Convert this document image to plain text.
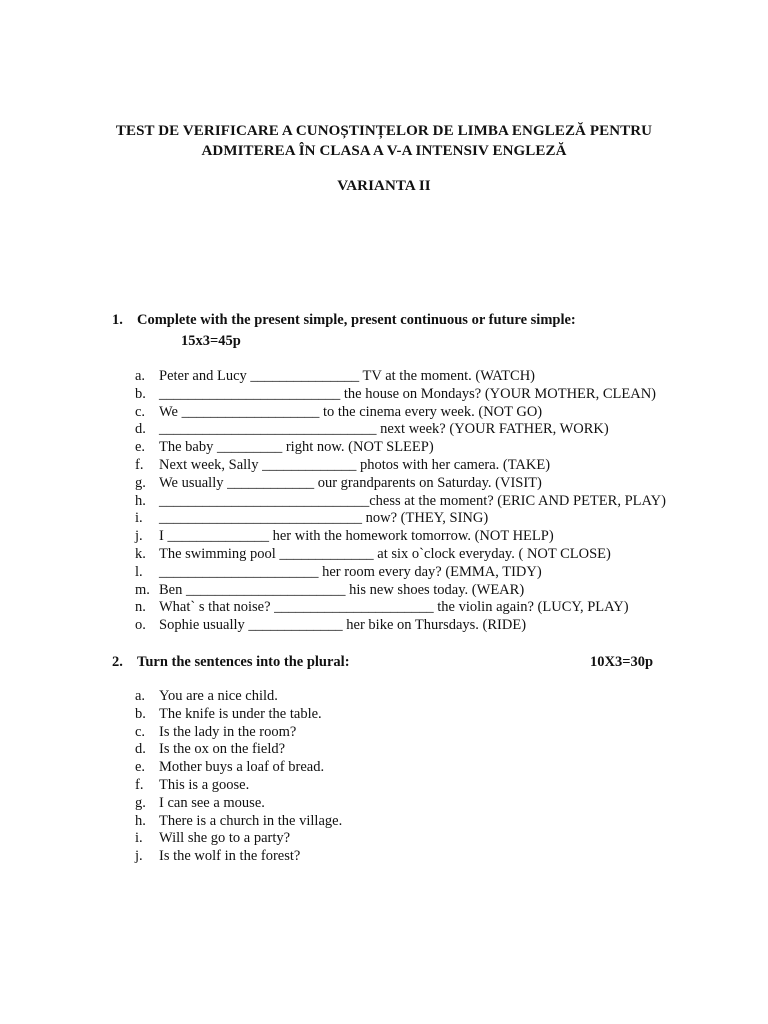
TEST DE VERIFICARE A CUNOȘTINȚELOR DE LIMBA ENGLEZĂ PENTRU
ADMITEREA ÎN CLASA A V-A INTENSIV ENGLEZĂ
VARIANTA II
1. Complete with the present simple, present continuous or future simple:
15x3=45p
a. Peter and Lucy _______________ TV at the moment. (WATCH)
b. _________________________ the house on Mondays? (YOUR MOTHER, CLEAN)
c. We ___________________ to the cinema every week. (NOT GO)
d. ______________________________ next week? (YOUR FATHER, WORK)
e. The baby _________ right now. (NOT SLEEP)
f. Next week, Sally _____________ photos with her camera. (TAKE)
g. We usually ____________ our grandparents on Saturday. (VISIT)
h. _____________________________chess at the moment? (ERIC AND PETER, PLAY)
i. ____________________________ now? (THEY, SING)
j. I ______________ her with the homework tomorrow. (NOT HELP)
k. The swimming pool _____________ at six o`clock everyday. ( NOT CLOSE)
l. ______________________ her room every day? (EMMA, TIDY)
m. Ben ______________________ his new shoes today. (WEAR)
n. What` s that noise? ______________________ the violin again? (LUCY, PLAY)
o. Sophie usually _____________ her bike on Thursdays. (RIDE)
2. Turn the sentences into the plural:	10X3=30p
a. You are a nice child.
b. The knife is under the table.
c. Is the lady in the room?
d. Is the ox on the field?
e. Mother buys a loaf of bread.
f. This is a goose.
g. I can see a mouse.
h. There is a church in the village.
i. Will she go to a party?
j. Is the wolf in the forest?
